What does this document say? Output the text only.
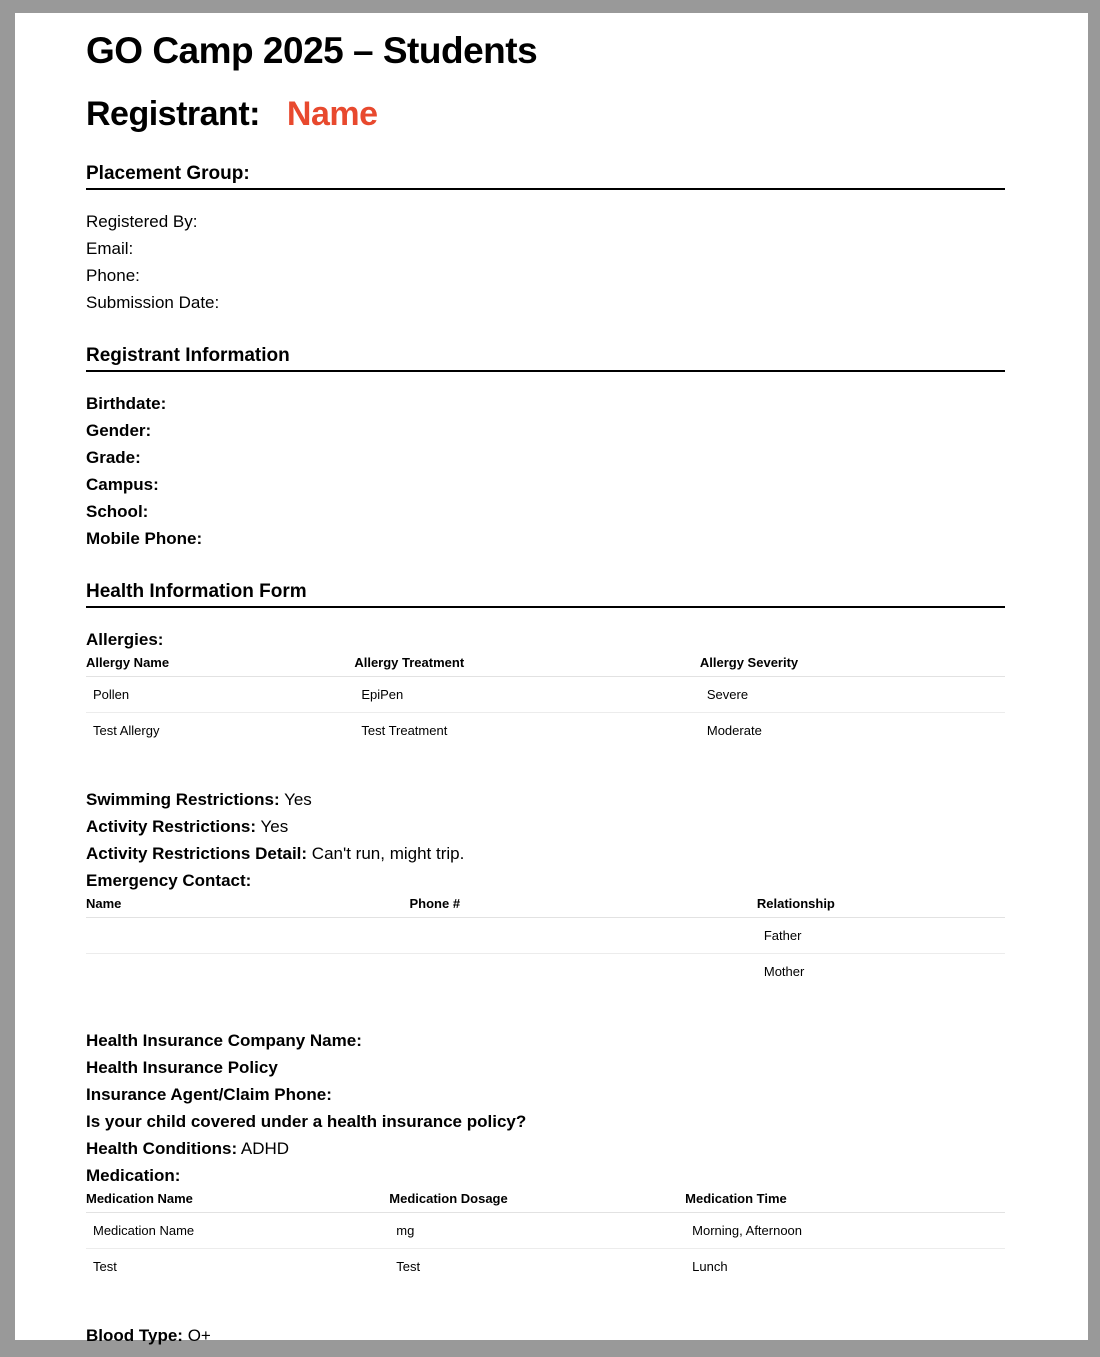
GO Camp 2025 – Students
Registrant: Name
Placement Group:
Registered By:
Email:
Phone:
Submission Date:
Registrant Information
Birthdate:
Gender:
Grade:
Campus:
School:
Mobile Phone:
Health Information Form
Allergies:
Allergy Name	Allergy Treatment	Allergy Severity
Pollen	EpiPen	Severe
Test Allergy	Test Treatment	Moderate
Swimming Restrictions: Yes
Activity Restrictions: Yes
Activity Restrictions Detail: Can't run, might trip.
Emergency Contact:
Name	Phone #	Relationship
		Father
		Mother
Health Insurance Company Name:
Health Insurance Policy
Insurance Agent/Claim Phone:
Is your child covered under a health insurance policy?
Health Conditions: ADHD
Medication:
Medication Name	Medication Dosage	Medication Time
Medication Name	mg	Morning, Afternoon
Test	Test	Lunch
Blood Type: O+
